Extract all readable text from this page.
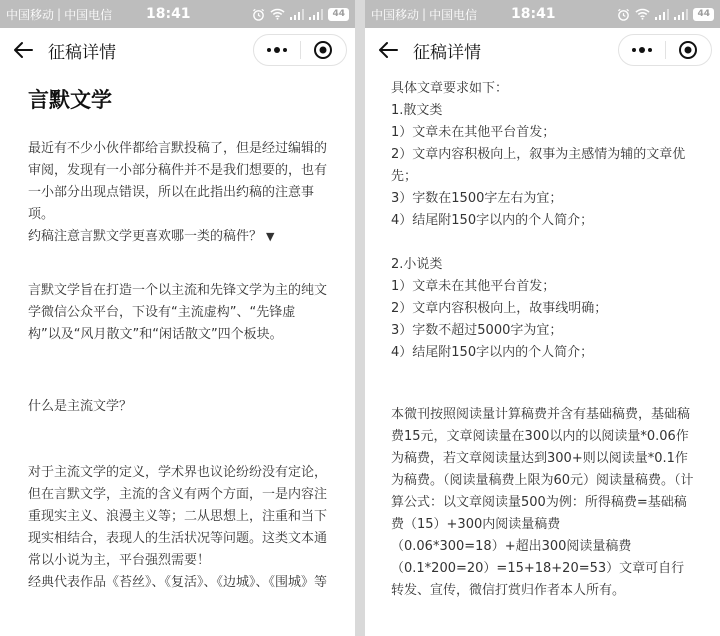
中国移动 | 中国电信 18:41	44
征稿详情
言默文学

最近有不少小伙伴都给言默投稿了，但是经过编辑的审阅，发现有一小部分稿件并不是我们想要的，也有一小部分出现点错误，所以在此指出约稿的注意事项。

约稿注意言默文学更喜欢哪一类的稿件？ ▼

言默文学旨在打造一个以主流和先锋文学为主的纯文学微信公众平台，下设有“主流虚构”、“先锋虚构”以及“风月散文”和“闲话散文”四个板块。

什么是主流文学？

对于主流文学的定义，学术界也议论纷纷没有定论，但在言默文学，主流的含义有两个方面，一是内容注重现实主义、浪漫主义等；二从思想上，注重和当下现实相结合，表现人的生活状况等问题。这类文本通常以小说为主，平台强烈需要！

经典代表作品《苔丝》、《复活》、《边城》、《围城》等

中国移动 | 中国电信 18:41	44
征稿详情

具体文章要求如下：

1.散文类

1）文章未在其他平台首发；

2）文章内容积极向上，叙事为主感情为辅的文章优先；

3）字数在1500字左右为宜；

4）结尾附150字以内的个人简介；

2.小说类

1）文章未在其他平台首发；

2）文章内容积极向上，故事线明确；

3）字数不超过5000字为宜；

4）结尾附150字以内的个人简介；

本微刊按照阅读量计算稿费并含有基础稿费，基础稿费15元，文章阅读量在300以内的以阅读量*0.06作为稿费，若文章阅读量达到300+则以阅读量*0.1作为稿费。（阅读量稿费上限为60元）阅读量稿费。（计算公式：以文章阅读量500为例：所得稿费=基础稿费（15）+300内阅读量稿费（0.06*300=18）+超出300阅读量稿费（0.1*200=20）=15+18+20=53）文章可自行转发、宣传，微信打赏归作者本人所有。
